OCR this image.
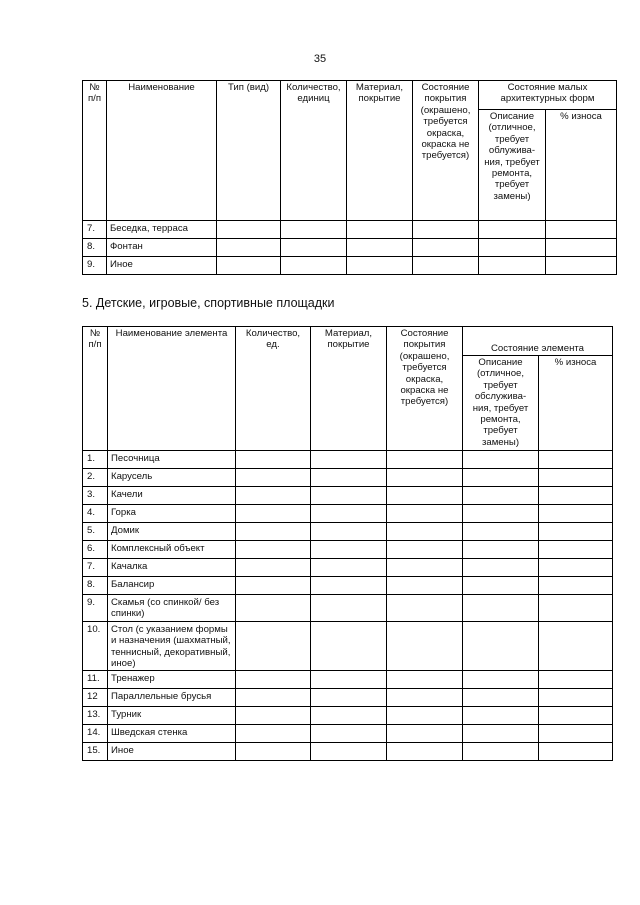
35
№ п/п	Наименование	Тип (вид)	Количество, единиц	Материал, покрытие	Состояние покрытия (окрашено, требуется окраска, окраска не требуется)	Состояние малых архитектурных форм	
						Описание (отличное, требует облужива- ния, требует ремонта, требует замены)	% износа
7.	Беседка, терраса						
8.	Фонтан						
9.	Иное						
5. Детские, игровые, спортивные площадки
№ п/п	Наименование элемента	Количество, ед.	Материал, покрытие	Состояние покрытия (окрашено, требуется окраска, окраска не требуется)	Состояние элемента	
					Описание (отличное, требует обслужива- ния, требует ремонта, требует замены)	% износа
1.	Песочница					
2.	Карусель					
3.	Качели					
4.	Горка					
5.	Домик					
6.	Комплексный объект					
7.	Качалка					
8.	Балансир					
9.	Скамья (со спинкой/ без спинки)					
10.	Стол (с указанием формы и назначения (шахматный, теннисный, декоративный, иное)					
11.	Тренажер					
12	Параллельные брусья					
13.	Турник					
14.	Шведская стенка					
15.	Иное					
